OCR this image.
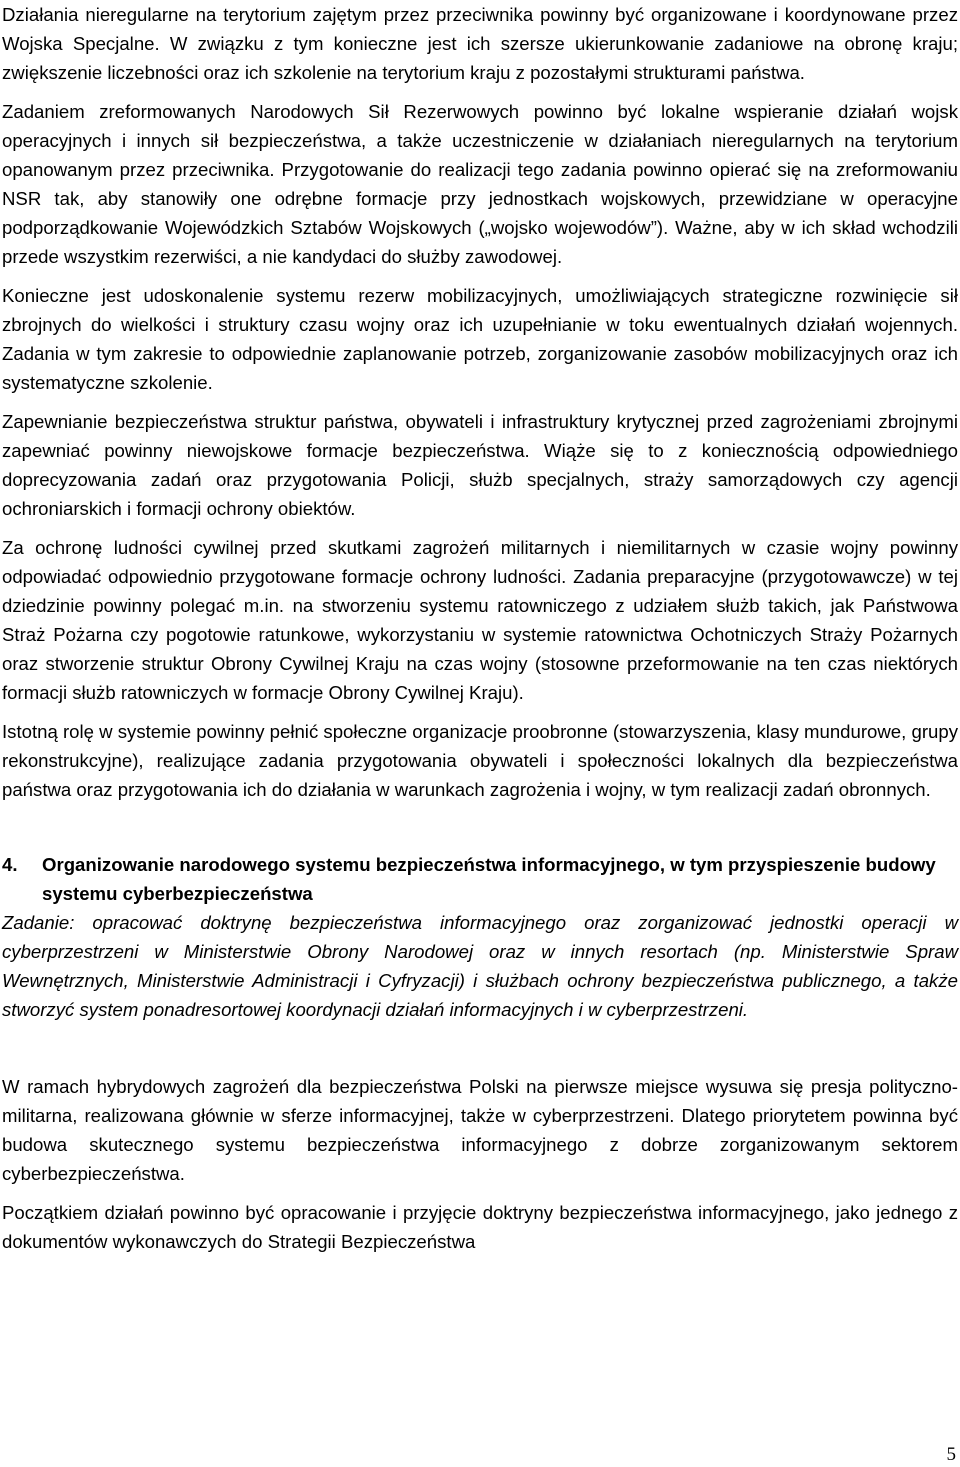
Działania nieregularne na terytorium zajętym przez przeciwnika powinny być organizowane i koordynowane przez Wojska Specjalne. W związku z tym konieczne jest ich szersze ukierunkowanie zadaniowe na obronę kraju; zwiększenie liczebności oraz ich szkolenie na terytorium kraju z pozostałymi strukturami państwa.

Zadaniem zreformowanych Narodowych Sił Rezerwowych powinno być lokalne wspieranie działań wojsk operacyjnych i innych sił bezpieczeństwa, a także uczestniczenie w działaniach nieregularnych na terytorium opanowanym przez przeciwnika. Przygotowanie do realizacji tego zadania powinno opierać się na zreformowaniu NSR tak, aby stanowiły one odrębne formacje przy jednostkach wojskowych, przewidziane w operacyjne podporządkowanie Wojewódzkich Sztabów Wojskowych („wojsko wojewodów”). Ważne, aby w ich skład wchodzili przede wszystkim rezerwiści, a nie kandydaci do służby zawodowej.

Konieczne jest udoskonalenie systemu rezerw mobilizacyjnych, umożliwiających strategiczne rozwinięcie sił zbrojnych do wielkości i struktury czasu wojny oraz ich uzupełnianie w toku ewentualnych działań wojennych. Zadania w tym zakresie to odpowiednie zaplanowanie potrzeb, zorganizowanie zasobów mobilizacyjnych oraz ich systematyczne szkolenie.

Zapewnianie bezpieczeństwa struktur państwa, obywateli i infrastruktury krytycznej przed zagrożeniami zbrojnymi zapewniać powinny niewojskowe formacje bezpieczeństwa. Wiąże się to z koniecznością odpowiedniego doprecyzowania zadań oraz przygotowania Policji, służb specjalnych, straży samorządowych czy agencji ochroniarskich i formacji ochrony obiektów.

Za ochronę ludności cywilnej przed skutkami zagrożeń militarnych i niemilitarnych w czasie wojny powinny odpowiadać odpowiednio przygotowane formacje ochrony ludności. Zadania preparacyjne (przygotowawcze) w tej dziedzinie powinny polegać m.in. na stworzeniu systemu ratowniczego z udziałem służb takich, jak Państwowa Straż Pożarna czy pogotowie ratunkowe, wykorzystaniu w systemie ratownictwa Ochotniczych Straży Pożarnych oraz stworzenie struktur Obrony Cywilnej Kraju na czas wojny (stosowne przeformowanie na ten czas niektórych formacji służb ratowniczych w formacje Obrony Cywilnej Kraju).

Istotną rolę w systemie powinny pełnić społeczne organizacje proobronne (stowarzyszenia, klasy mundurowe, grupy rekonstrukcyjne), realizujące zadania przygotowania obywateli i społeczności lokalnych dla bezpieczeństwa państwa oraz przygotowania ich do działania w warunkach zagrożenia i wojny, w tym realizacji zadań obronnych.

4.	Organizowanie narodowego systemu bezpieczeństwa informacyjnego, w tym przyspieszenie budowy systemu cyberbezpieczeństwa

Zadanie: opracować doktrynę bezpieczeństwa informacyjnego oraz zorganizować jednostki operacji w cyberprzestrzeni w Ministerstwie Obrony Narodowej oraz w innych resortach (np. Ministerstwie Spraw Wewnętrznych, Ministerstwie Administracji i Cyfryzacji) i służbach ochrony bezpieczeństwa publicznego, a także stworzyć system ponadresortowej koordynacji działań informacyjnych i w cyberprzestrzeni.

W ramach hybrydowych zagrożeń dla bezpieczeństwa Polski na pierwsze miejsce wysuwa się presja polityczno-militarna, realizowana głównie w sferze informacyjnej, także w cyberprzestrzeni. Dlatego priorytetem powinna być budowa skutecznego systemu bezpieczeństwa informacyjnego z dobrze zorganizowanym sektorem cyberbezpieczeństwa.

Początkiem działań powinno być opracowanie i przyjęcie doktryny bezpieczeństwa informacyjnego, jako jednego z dokumentów wykonawczych do Strategii Bezpieczeństwa

5
